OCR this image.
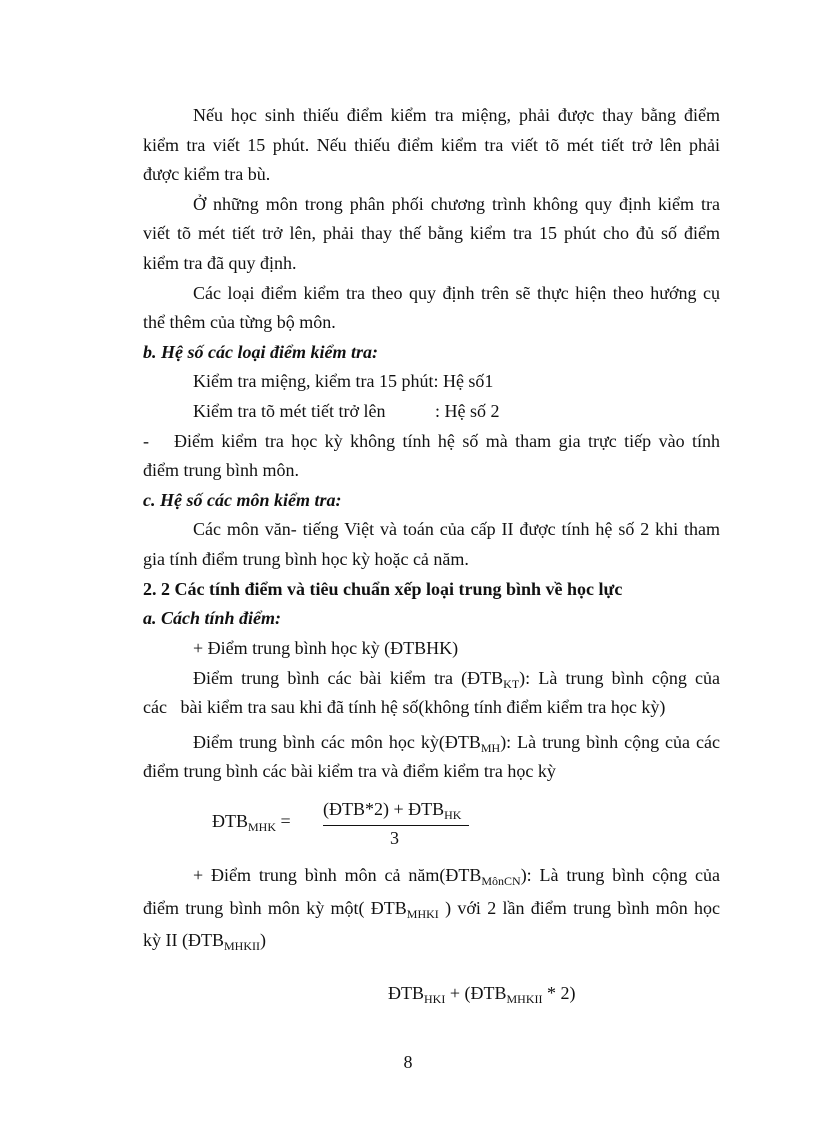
Nếu học sinh thiếu điểm kiểm tra miệng, phải được thay bằng điểm
kiểm tra viết 15 phút. Nếu thiếu điểm kiểm tra viết tõ mét tiết trở lên phải
được kiểm tra bù.
Ở những môn trong phân phối chương trình không quy định kiểm tra
viết tõ mét tiết trở lên, phải thay thế bằng kiểm tra 15 phút cho đủ số điểm
kiểm tra đã quy định.
Các loại điểm kiểm tra theo quy định trên sẽ thực hiện theo hướng cụ
thể thêm của từng bộ môn.
b. Hệ số các loại điểm kiểm tra:
Kiểm tra miệng, kiểm tra 15 phút: Hệ số1
Kiểm tra tõ mét tiết trở lên	: Hệ số 2
- Điểm kiểm tra học kỳ không tính hệ số mà tham gia trực tiếp vào tính
điểm trung bình môn.
c. Hệ số các môn kiểm tra:
Các môn văn- tiếng Việt và toán của cấp II được tính hệ số 2 khi tham
gia tính điểm trung bình học kỳ hoặc cả năm.
2. 2 Các tính điểm và tiêu chuẩn xếp loại trung bình về học lực
a. Cách tính điểm:
+ Điểm trung bình học kỳ (ĐTBHK)
Điểm trung bình các bài kiểm tra $(ĐTB_{KT})$: Là trung bình cộng của
các   bài kiểm tra sau khi đã tính hệ số(không tính điểm kiểm tra học kỳ)
Điểm trung bình các môn học $kỳ(ĐTB_{MH})$: Là trung bình cộng của các
điểm trung bình các bài kiểm tra và điểm kiểm tra học kỳ
$ĐTB_{MHK}$ =
(ĐTB*2) + $ĐTB_{HK}$
3
+ Điểm trung bình môn cả $năm(ĐTB_{MônCN})$: Là trung bình cộng của
điểm trung bình môn kỳ một( $ĐTB_{MHKI}$ ) với 2 lần điểm trung bình môn học
kỳ II $(ĐTB_{MHKII})$
$ĐTB_{HKI}$ + $(ĐTB_{MHKII} * 2)$
8
